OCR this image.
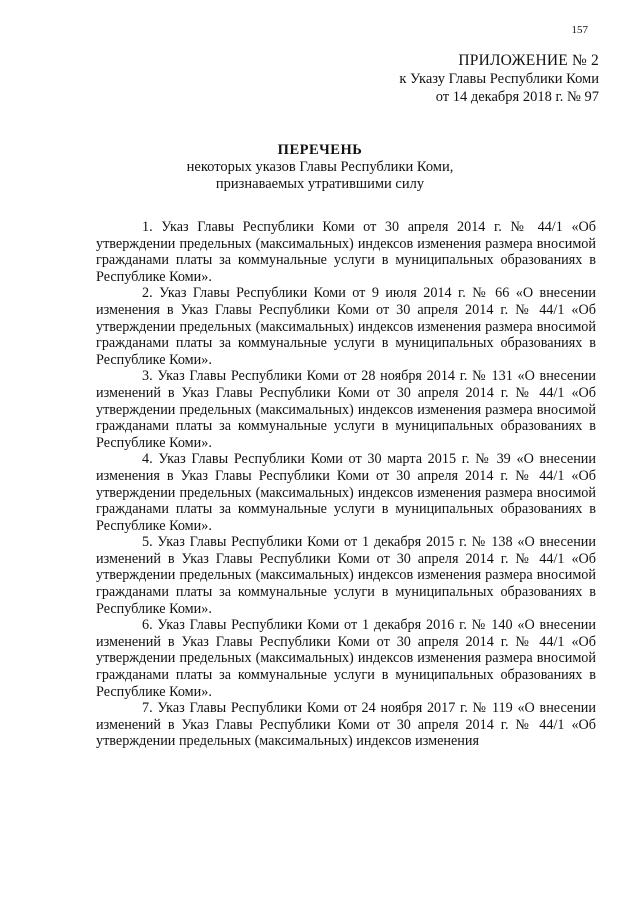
157
ПРИЛОЖЕНИЕ № 2
к Указу Главы Республики Коми
от 14 декабря 2018 г. № 97
ПЕРЕЧЕНЬ
некоторых указов Главы Республики Коми,
признаваемых утратившими силу

1. Указ Главы Республики Коми от 30 апреля 2014 г. № 44/1 «Об утверждении предельных (максимальных) индексов изменения размера вносимой гражданами платы за коммунальные услуги в муниципальных образованиях в Республике Коми».

2. Указ Главы Республики Коми от 9 июля 2014 г. № 66 «О внесении изменения в Указ Главы Республики Коми от 30 апреля 2014 г. № 44/1 «Об утверждении предельных (максимальных) индексов изменения размера вносимой гражданами платы за коммунальные услуги в муниципальных образованиях в Республике Коми».

3. Указ Главы Республики Коми от 28 ноября 2014 г. № 131 «О внесении изменений в Указ Главы Республики Коми от 30 апреля 2014 г. № 44/1 «Об утверждении предельных (максимальных) индексов изменения размера вносимой гражданами платы за коммунальные услуги в муниципальных образованиях в Республике Коми».

4. Указ Главы Республики Коми от 30 марта 2015 г. № 39 «О внесении изменения в Указ Главы Республики Коми от 30 апреля 2014 г. № 44/1 «Об утверждении предельных (максимальных) индексов изменения размера вносимой гражданами платы за коммунальные услуги в муниципальных образованиях в Республике Коми».

5. Указ Главы Республики Коми от 1 декабря 2015 г. № 138 «О внесении изменений в Указ Главы Республики Коми от 30 апреля 2014 г. № 44/1 «Об утверждении предельных (максимальных) индексов изменения размера вносимой гражданами платы за коммунальные услуги в муниципальных образованиях в Республике Коми».

6. Указ Главы Республики Коми от 1 декабря 2016 г. № 140 «О внесении изменений в Указ Главы Республики Коми от 30 апреля 2014 г. № 44/1 «Об утверждении предельных (максимальных) индексов изменения размера вносимой гражданами платы за коммунальные услуги в муниципальных образованиях в Республике Коми».

7. Указ Главы Республики Коми от 24 ноября 2017 г. № 119 «О внесении изменений в Указ Главы Республики Коми от 30 апреля 2014 г. № 44/1 «Об утверждении предельных (максимальных) индексов изменения
